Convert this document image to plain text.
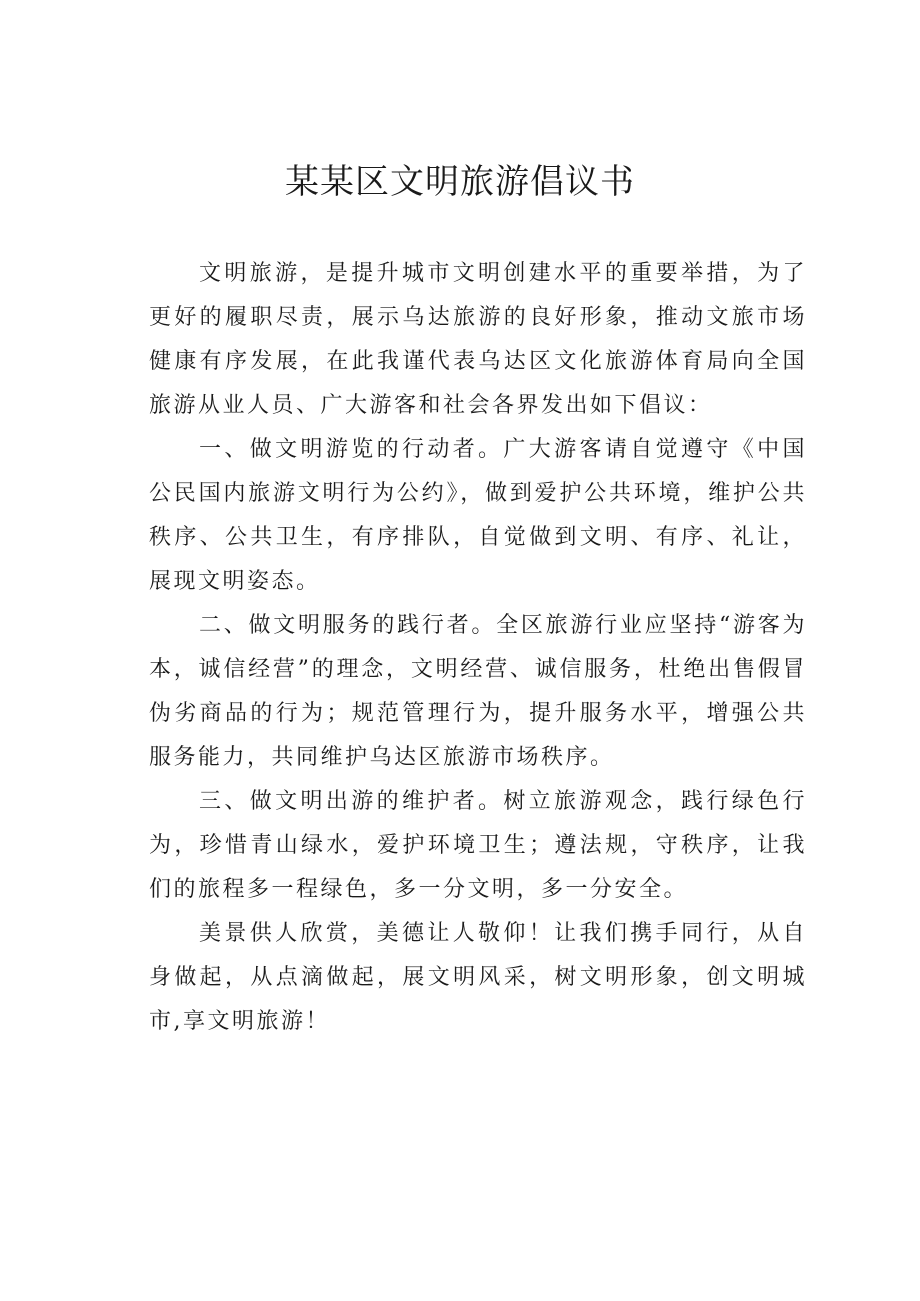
某某区文明旅游倡议书

文明旅游，是提升城市文明创建水平的重要举措，为了更好的履职尽责，展示乌达旅游的良好形象，推动文旅市场健康有序发展，在此我谨代表乌达区文化旅游体育局向全国旅游从业人员、广大游客和社会各界发出如下倡议：

一、做文明游览的行动者。广大游客请自觉遵守《中国公民国内旅游文明行为公约》，做到爱护公共环境，维护公共秩序、公共卫生，有序排队，自觉做到文明、有序、礼让，展现文明姿态。

二、做文明服务的践行者。全区旅游行业应坚持“游客为本，诚信经营”的理念，文明经营、诚信服务，杜绝出售假冒伪劣商品的行为；规范管理行为，提升服务水平，增强公共服务能力，共同维护乌达区旅游市场秩序。

三、做文明出游的维护者。树立旅游观念，践行绿色行为，珍惜青山绿水，爱护环境卫生；遵法规，守秩序，让我们的旅程多一程绿色，多一分文明，多一分安全。

美景供人欣赏，美德让人敬仰！让我们携手同行，从自身做起，从点滴做起，展文明风采，树文明形象，创文明城市,享文明旅游！
